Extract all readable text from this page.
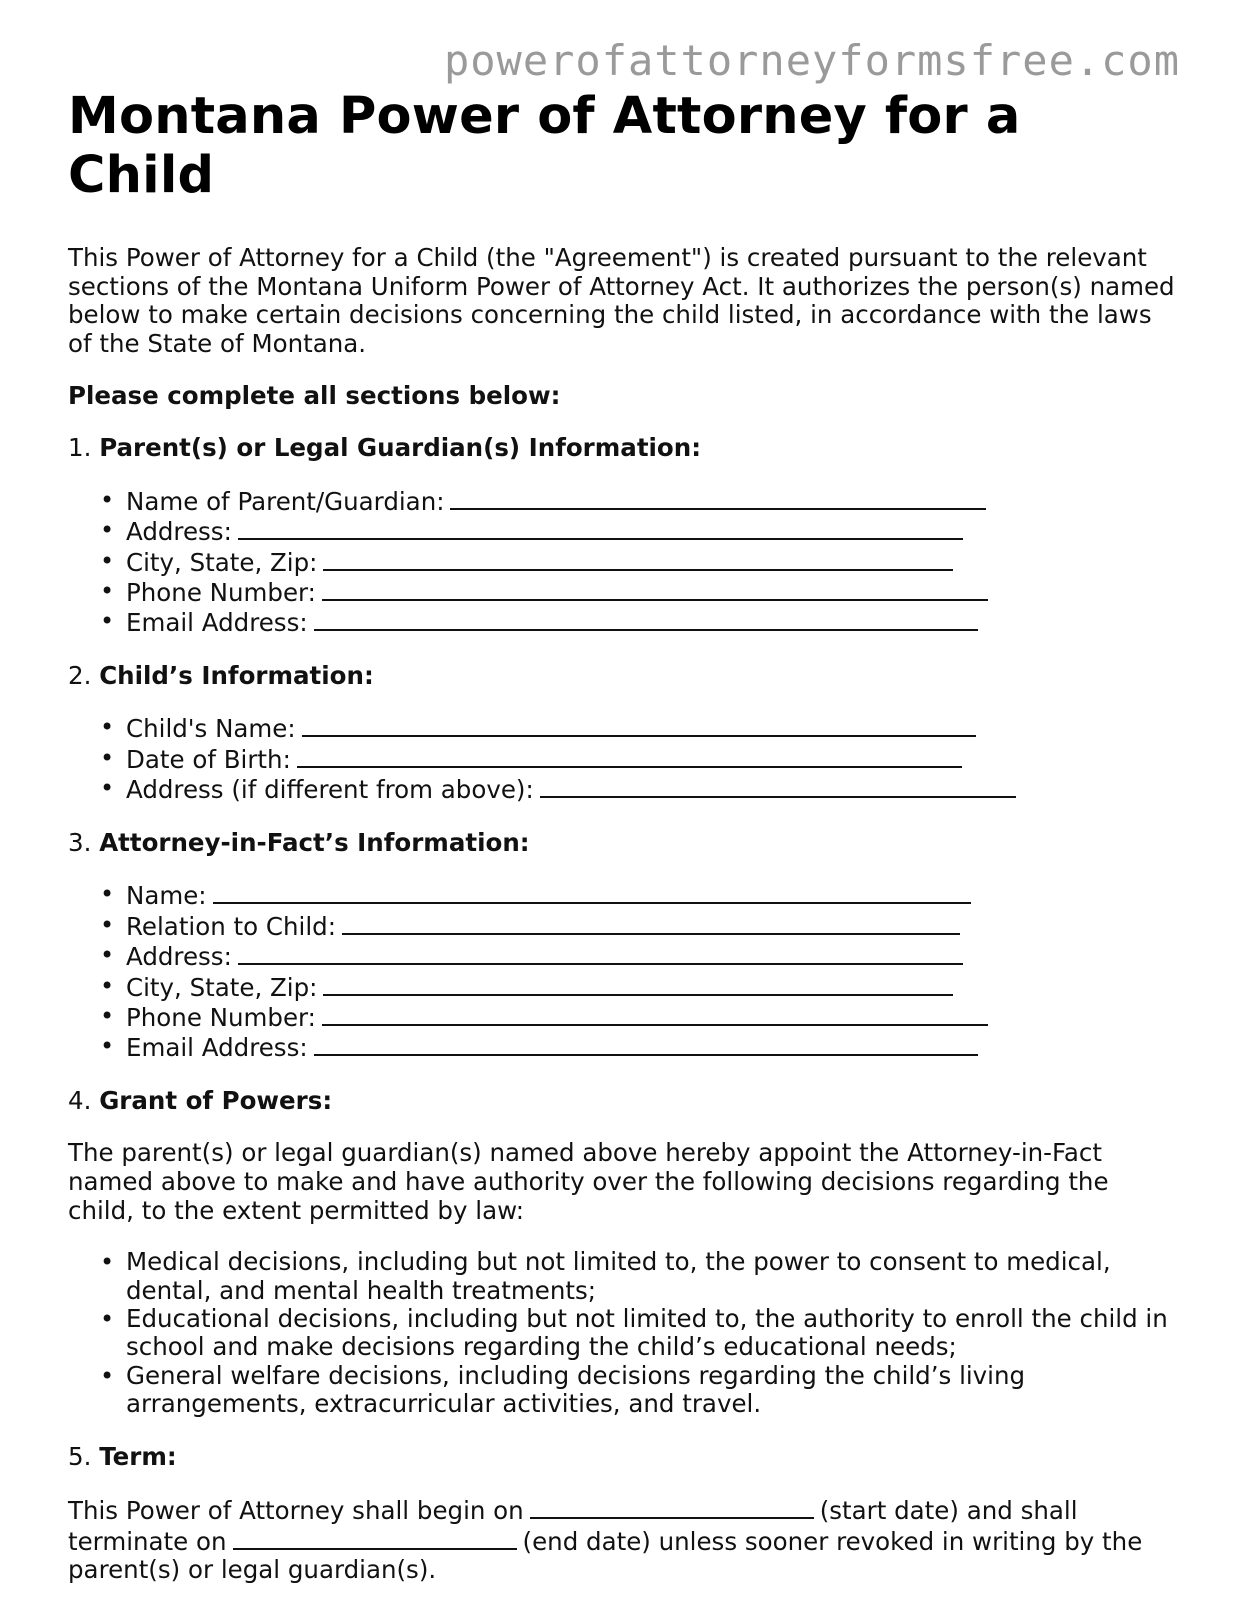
powerofattorneyformsfree.com
Montana Power of Attorney for a Child

This Power of Attorney for a Child (the "Agreement") is created pursuant to the relevant sections of the Montana Uniform Power of Attorney Act. It authorizes the person(s) named below to make certain decisions concerning the child listed, in accordance with the laws of the State of Montana.

Please complete all sections below:

1. Parent(s) or Legal Guardian(s) Information:

• Name of Parent/Guardian:
• Address:
• City, State, Zip:
• Phone Number:
• Email Address:

2. Child’s Information:

• Child's Name:
• Date of Birth:
• Address (if different from above):

3. Attorney-in-Fact’s Information:

• Name:
• Relation to Child:
• Address:
• City, State, Zip:
• Phone Number:
• Email Address:

4. Grant of Powers:

The parent(s) or legal guardian(s) named above hereby appoint the Attorney-in-Fact named above to make and have authority over the following decisions regarding the child, to the extent permitted by law:

• Medical decisions, including but not limited to, the power to consent to medical, dental, and mental health treatments;
• Educational decisions, including but not limited to, the authority to enroll the child in school and make decisions regarding the child’s educational needs;
• General welfare decisions, including decisions regarding the child’s living arrangements, extracurricular activities, and travel.

5. Term:

This Power of Attorney shall begin on	(start date) and shall terminate on	(end date) unless sooner revoked in writing by the parent(s) or legal guardian(s).
